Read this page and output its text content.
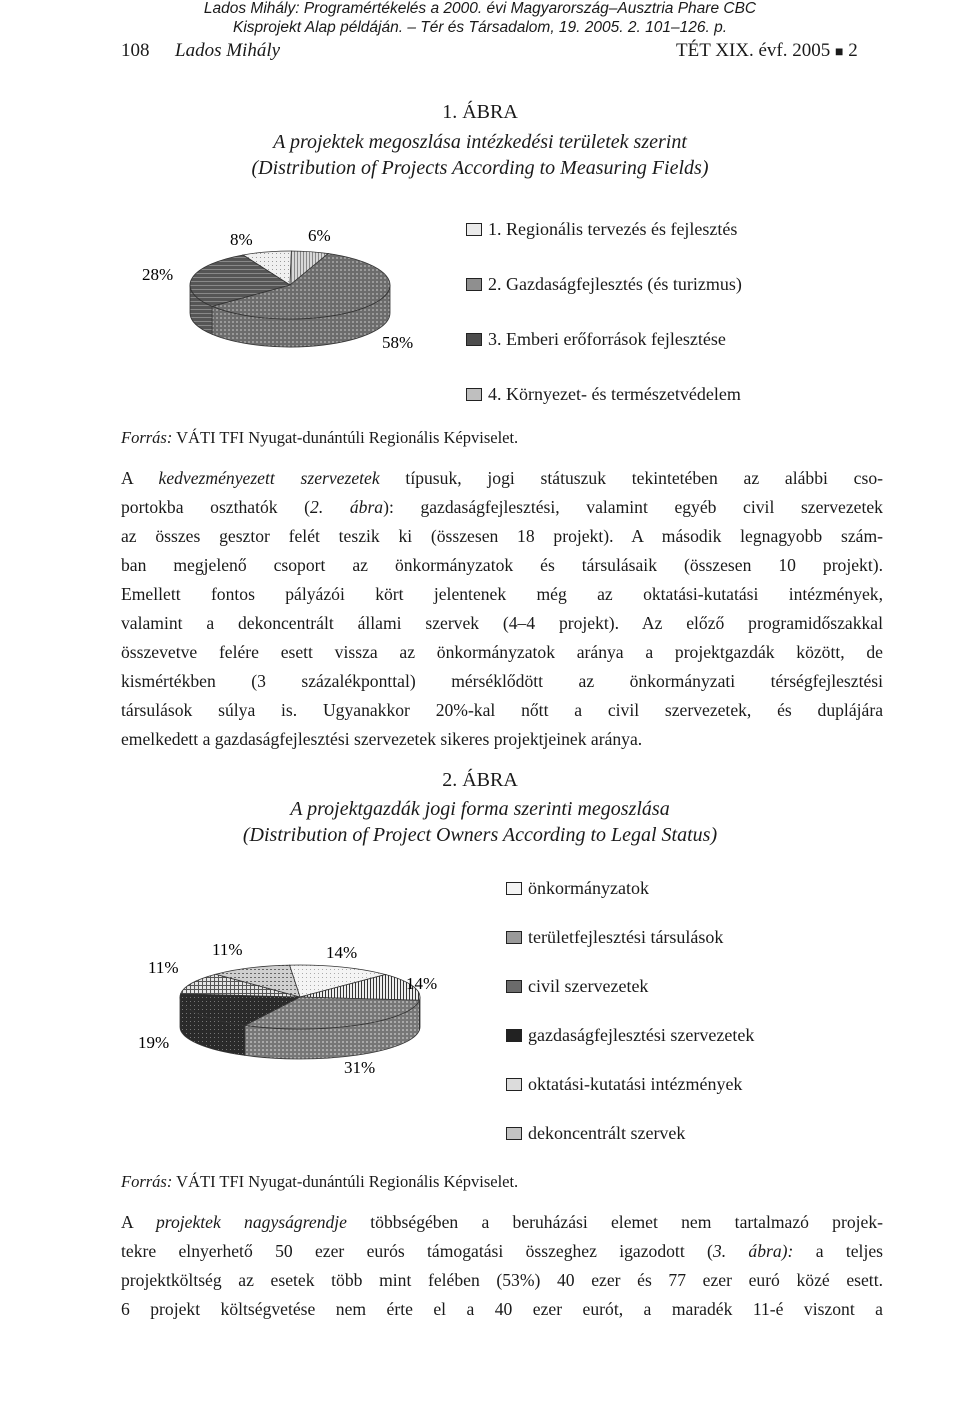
Lados Mihály: Programértékelés a 2000. évi Magyarország–Ausztria Phare CBC
Kisprojekt Alap példáján. – Tér és Társadalom, 19. 2005. 2. 101–126. p.
108 Lados Mihály	TÉT XIX. évf. 2005 ■ 2
1. ÁBRA
A projektek megoszlása intézkedési területek szerint
(Distribution of Projects According to Measuring Fields)
8%	6%
58%
28%
1. Regionális tervezés és fejlesztés
2. Gazdaságfejlesztés (és turizmus)
3. Emberi erőforrások fejlesztése
4. Környezet- és természetvédelem
Forrás: VÁTI TFI Nyugat-dunántúli Regionális Képviselet.
A kedvezményezett szervezetek típusuk, jogi státuszuk tekintetében az alábbi cso-
portokba oszthatók (2. ábra): gazdaságfejlesztési, valamint egyéb civil szervezetek
az összes gesztor felét teszik ki (összesen 18 projekt). A második legnagyobb szám-
ban megjelenő csoport az önkormányzatok és társulásaik (összesen 10 projekt).
Emellett fontos pályázói kört jelentenek még az oktatási-kutatási intézmények,
valamint a dekoncentrált állami szervek (4–4 projekt). Az előző programidőszakkal
összevetve felére esett vissza az önkormányzatok aránya a projektgazdák között, de
kismértékben (3 százalékponttal) mérséklődött az önkormányzati térségfejlesztési
társulások súlya is. Ugyanakkor 20%-kal nőtt a civil szervezetek, és duplájára
emelkedett a gazdaságfejlesztési szervezetek sikeres projektjeinek aránya.
2. ÁBRA
A projektgazdák jogi forma szerinti megoszlása
(Distribution of Project Owners According to Legal Status)
14%
14%
31%
19%
11%
11%
önkormányzatok
területfejlesztési társulások
civil szervezetek
gazdaságfejlesztési szervezetek
oktatási-kutatási intézmények
dekoncentrált szervek
Forrás: VÁTI TFI Nyugat-dunántúli Regionális Képviselet.
A projektek nagyságrendje többségében a beruházási elemet nem tartalmazó projek-
tekre elnyerhető 50 ezer eurós támogatási összeghez igazodott (3. ábra): a teljes
projektköltség az esetek több mint felében (53%) 40 ezer és 77 ezer euró közé esett.
6 projekt költségvetése nem érte el a 40 ezer eurót, a maradék 11-é viszont a
